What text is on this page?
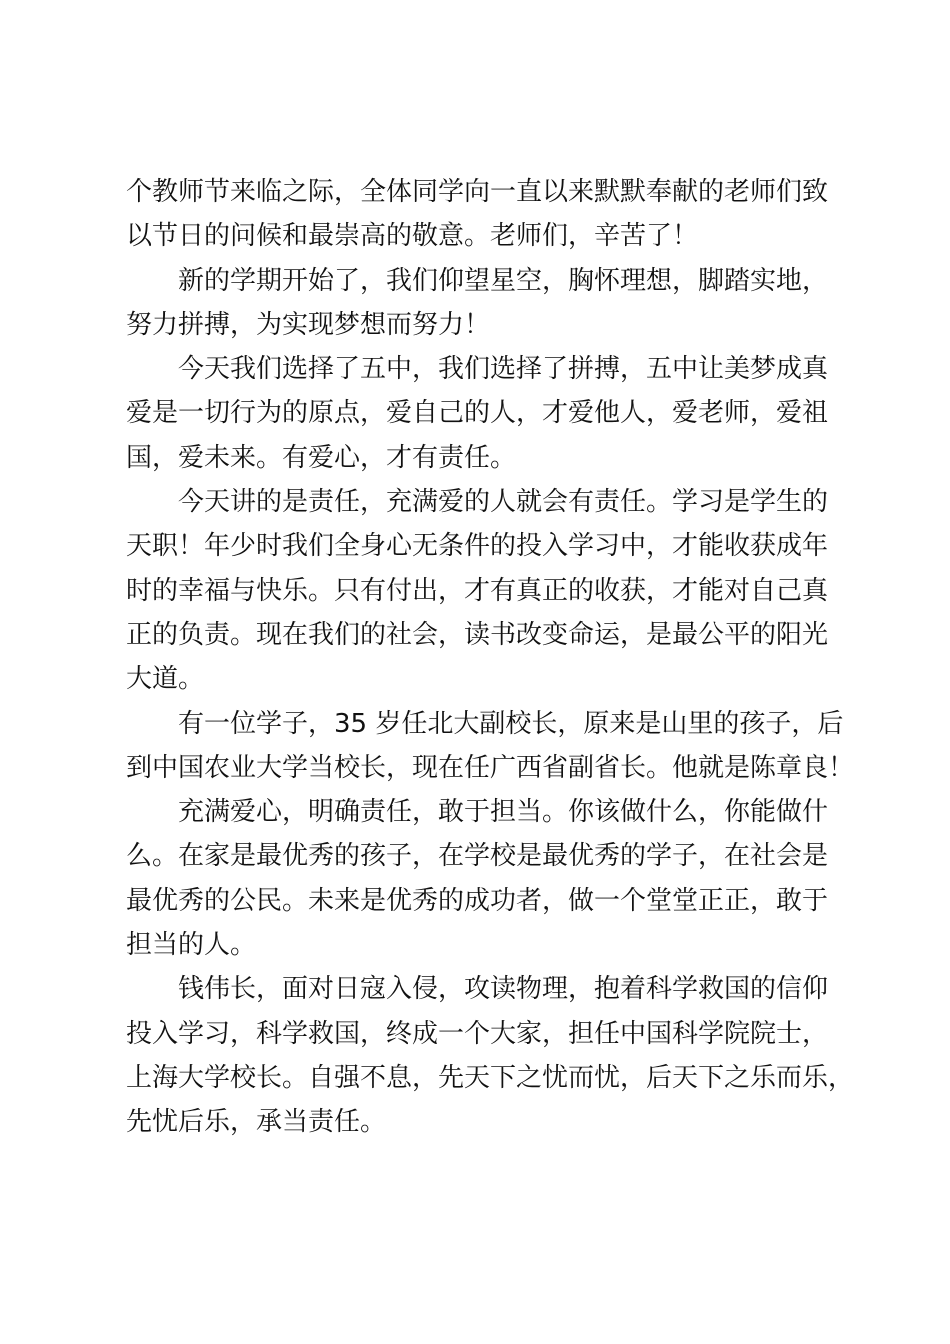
个教师节来临之际，全体同学向一直以来默默奉献的老师们致
以节日的问候和最崇高的敬意。老师们，辛苦了！
新的学期开始了，我们仰望星空，胸怀理想，脚踏实地，
努力拼搏，为实现梦想而努力！
今天我们选择了五中，我们选择了拼搏，五中让美梦成真
爱是一切行为的原点，爱自己的人，才爱他人，爱老师，爱祖
国，爱未来。有爱心，才有责任。
今天讲的是责任，充满爱的人就会有责任。学习是学生的
天职！年少时我们全身心无条件的投入学习中，才能收获成年
时的幸福与快乐。只有付出，才有真正的收获，才能对自己真
正的负责。现在我们的社会，读书改变命运，是最公平的阳光
大道。
有一位学子，35 岁任北大副校长，原来是山里的孩子，后
到中国农业大学当校长，现在任广西省副省长。他就是陈章良！
充满爱心，明确责任，敢于担当。你该做什么，你能做什
么。在家是最优秀的孩子，在学校是最优秀的学子，在社会是
最优秀的公民。未来是优秀的成功者，做一个堂堂正正，敢于
担当的人。
钱伟长，面对日寇入侵，攻读物理，抱着科学救国的信仰
投入学习，科学救国，终成一个大家，担任中国科学院院士，
上海大学校长。自强不息，先天下之忧而忧，后天下之乐而乐，
先忧后乐，承当责任。
